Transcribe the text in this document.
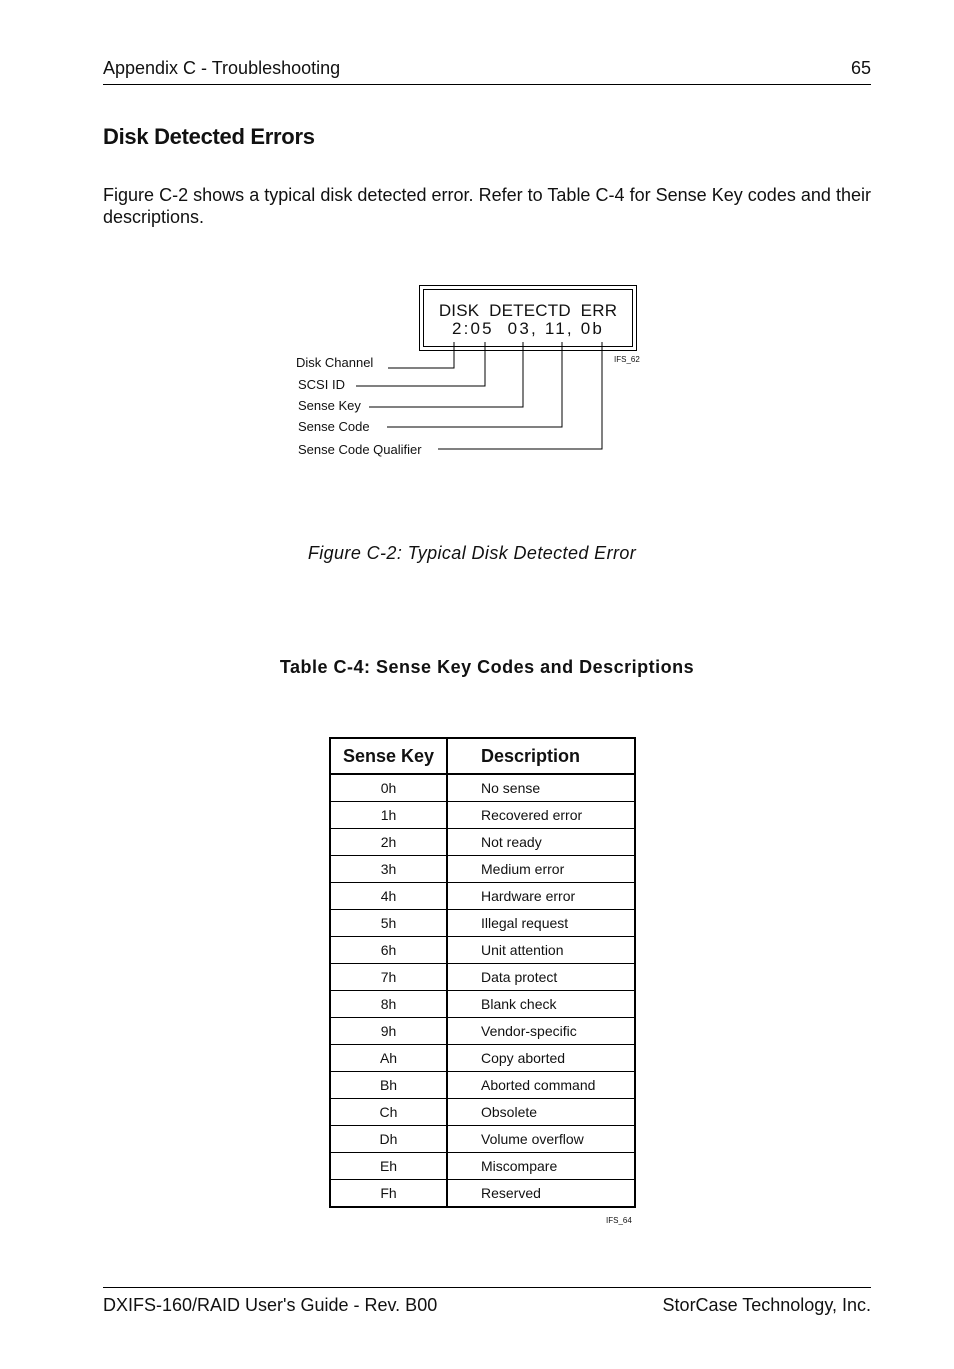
Appendix C - Troubleshooting	65
Disk Detected Errors
Figure C-2 shows a typical disk detected error. Refer to Table C-4 for Sense Key codes and their descriptions.
DISK  DETECTD  ERR
2:05  03, 11, 0b
IFS_62
Disk Channel
SCSI ID
Sense Key
Sense Code
Sense Code Qualifier
Figure C-2: Typical Disk Detected Error
Table C-4: Sense Key Codes and Descriptions
Sense Key	Description
0h	No sense
1h	Recovered error
2h	Not ready
3h	Medium error
4h	Hardware error
5h	Illegal request
6h	Unit attention
7h	Data protect
8h	Blank check
9h	Vendor-specific
Ah	Copy aborted
Bh	Aborted command
Ch	Obsolete
Dh	Volume overflow
Eh	Miscompare
Fh	Reserved
IFS_64
DXIFS-160/RAID User's Guide - Rev. B00	StorCase Technology, Inc.
